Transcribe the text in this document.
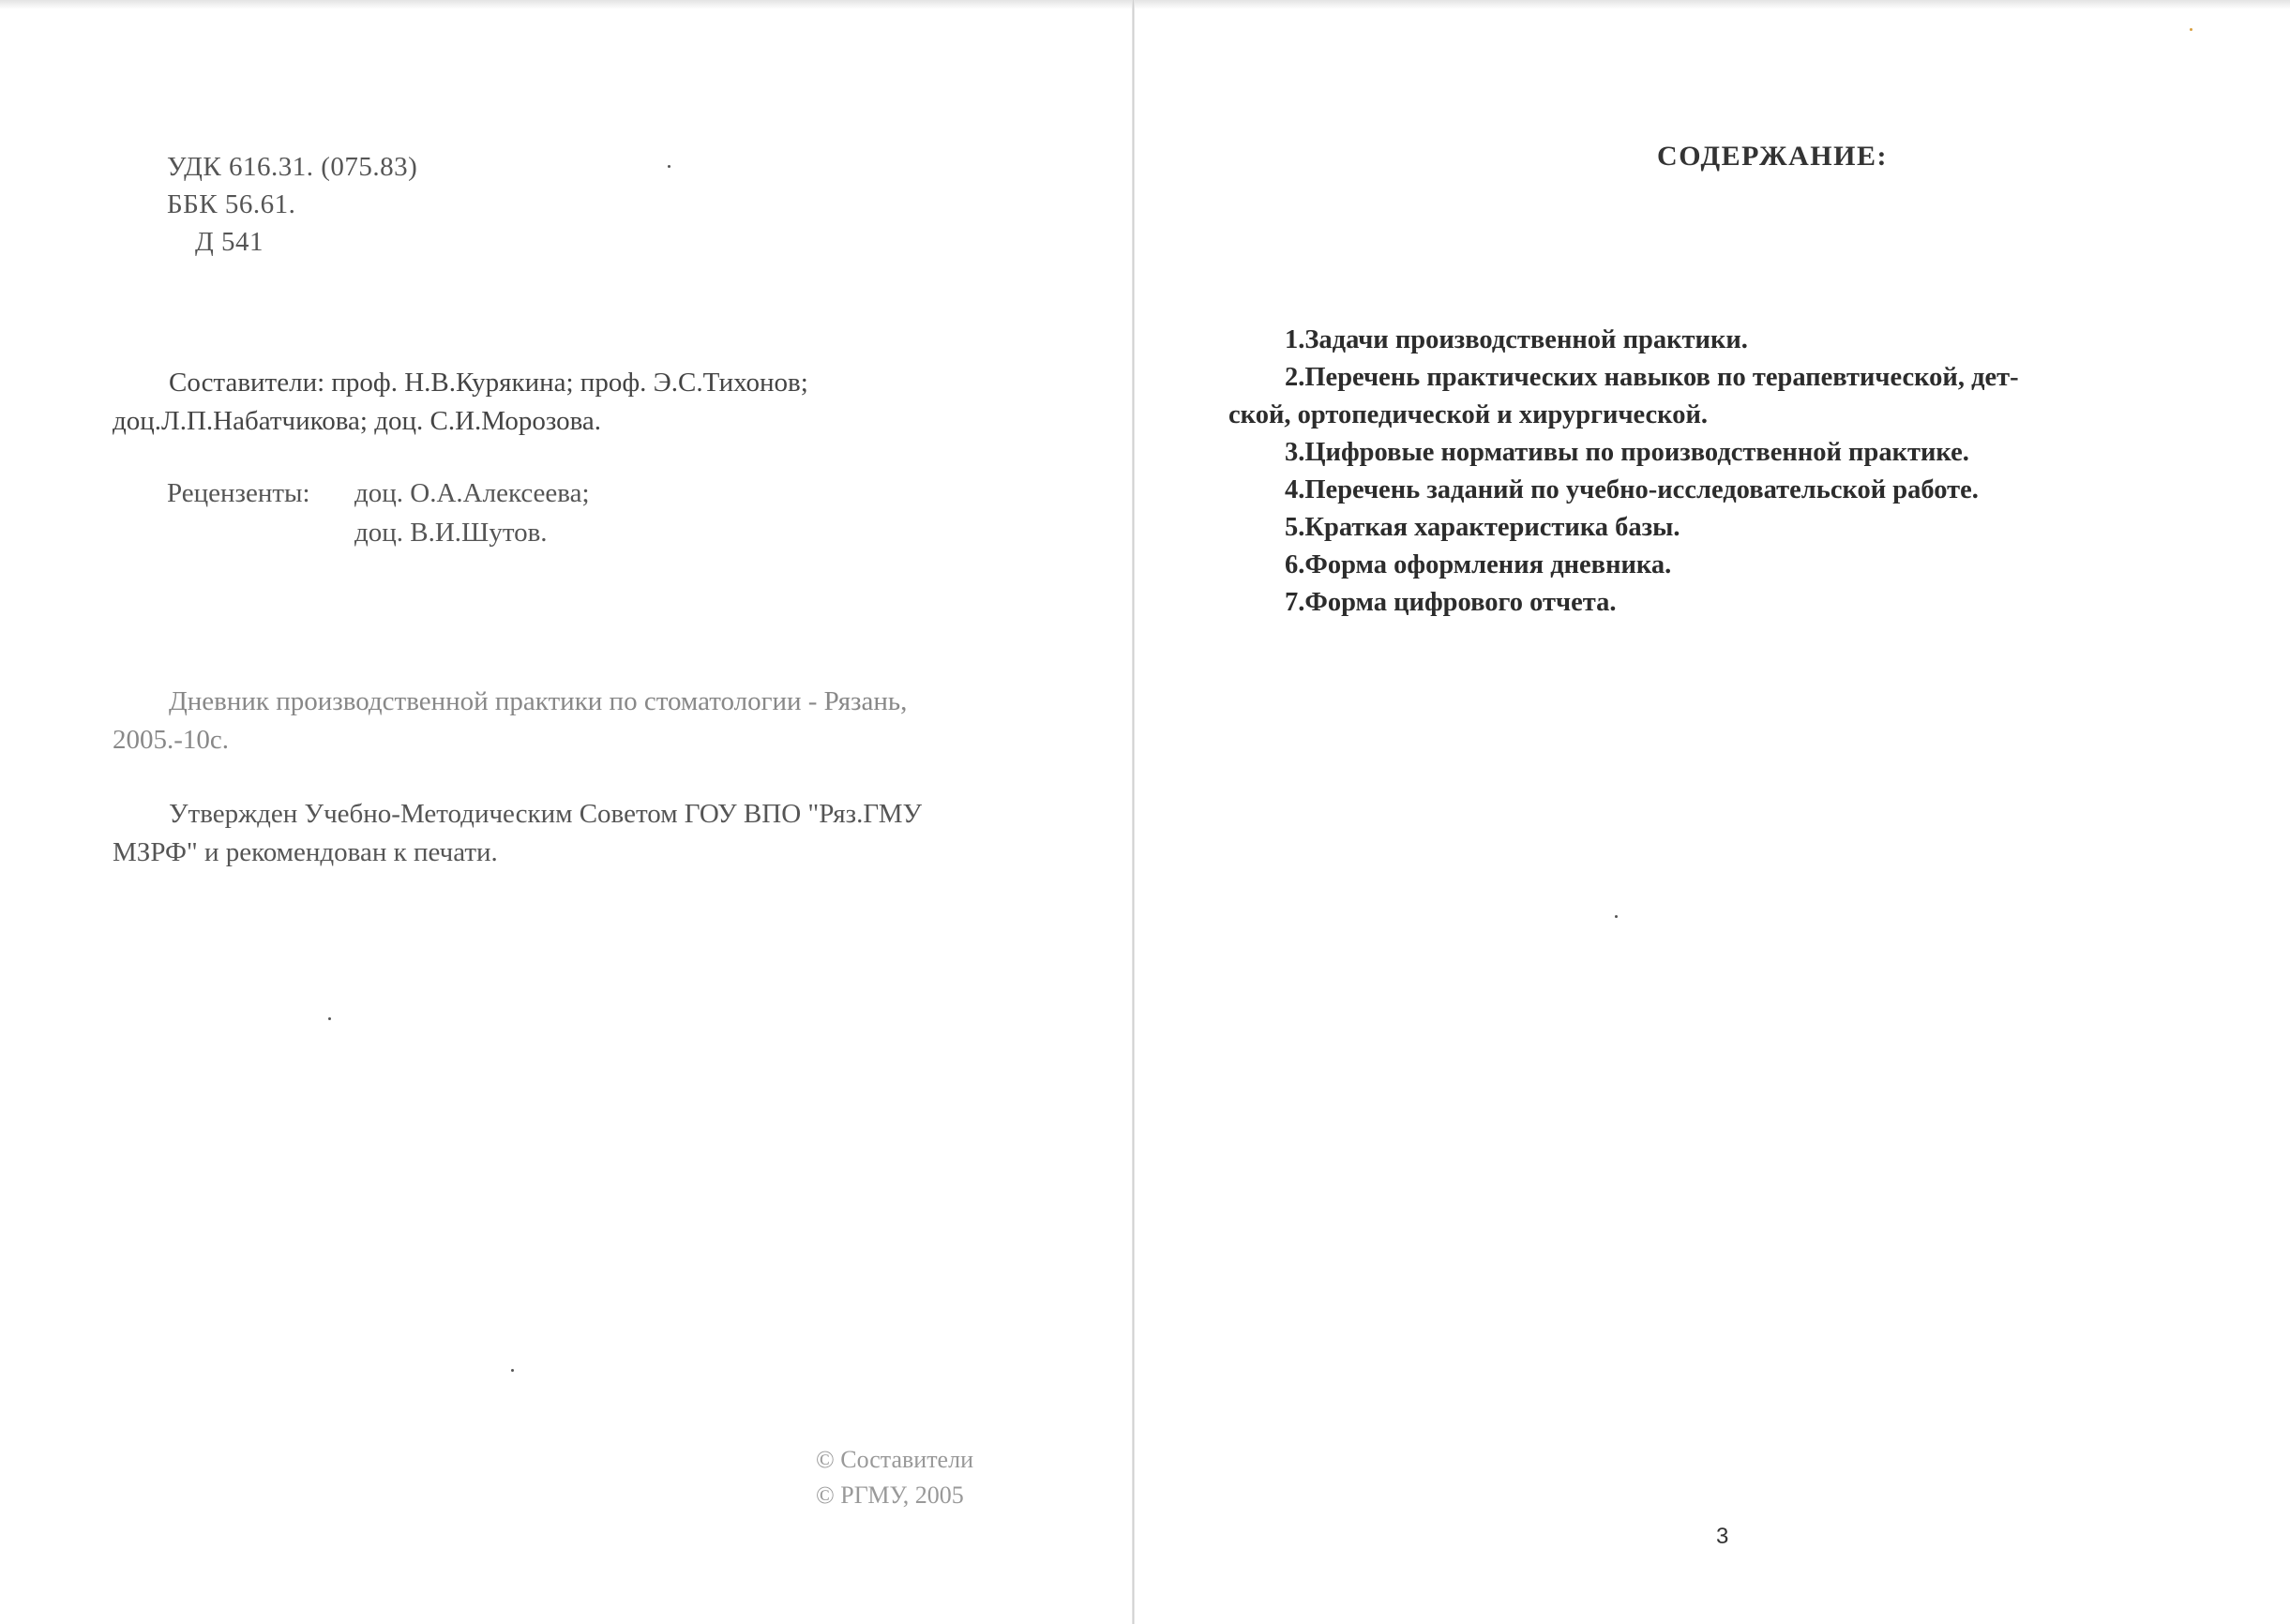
УДК 616.31. (075.83)
ББК 56.61.
Д 541
Составители: проф. Н.В.Курякина; проф. Э.С.Тихонов;
доц.Л.П.Набатчикова; доц. С.И.Морозова.
Рецензенты:	доц. О.А.Алексеева;
доц. В.И.Шутов.
Дневник производственной практики по стоматологии - Рязань,
2005.-10с.
Утвержден Учебно-Методическим Советом ГОУ ВПО "Ряз.ГМУ
МЗРФ" и рекомендован к печати.
© Составители
© РГМУ, 2005
СОДЕРЖАНИЕ:
1.Задачи производственной практики.
2.Перечень практических навыков по терапевтической, дет-
ской, ортопедической и хирургической.
3.Цифровые нормативы по производственной практике.
4.Перечень заданий по учебно-исследовательской работе.
5.Краткая характеристика базы.
6.Форма оформления дневника.
7.Форма цифрового отчета.
3
